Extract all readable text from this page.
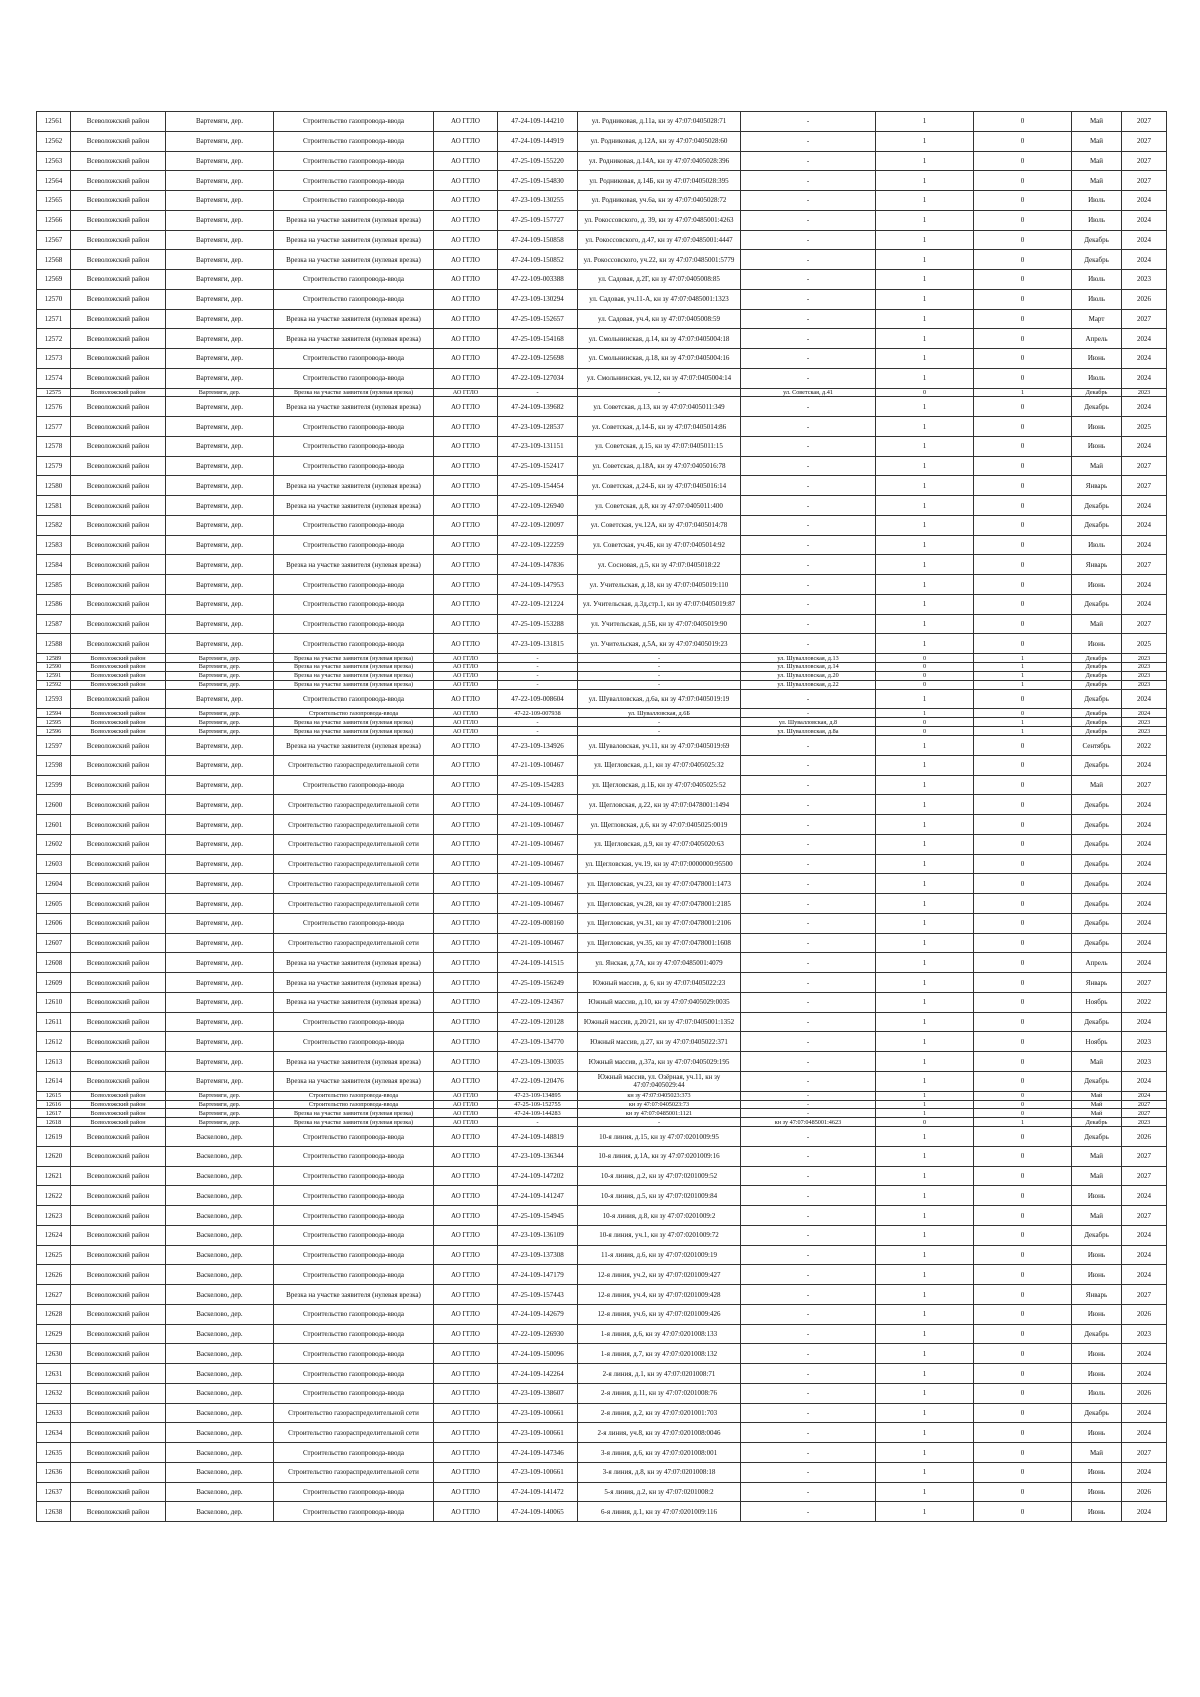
12561	Всеволожский район	Вартемяги, дер.	Строительство газопровода-ввода	АО ГГЛО	47-24-109-144210	ул. Родниковая, д.11а, кн зу 47:07:0405028:71	-	1	0	Май	2027
12562	Всеволожский район	Вартемяги, дер.	Строительство газопровода-ввода	АО ГГЛО	47-24-109-144919	ул. Родниковая, д.12А, кн зу 47:07:0405028:60	-	1	0	Май	2027
12563	Всеволожский район	Вартемяги, дер.	Строительство газопровода-ввода	АО ГГЛО	47-25-109-155220	ул. Родниковая, д.14А, кн зу 47:07:0405028:396	-	1	0	Май	2027
12564	Всеволожский район	Вартемяги, дер.	Строительство газопровода-ввода	АО ГГЛО	47-25-109-154830	ул. Родниковая, д.14Б, кн зу 47:07:0405028:395	-	1	0	Май	2027
12565	Всеволожский район	Вартемяги, дер.	Строительство газопровода-ввода	АО ГГЛО	47-23-109-130255	ул. Родниковая, уч.6а, кн зу 47:07:0405028:72	-	1	0	Июль	2024
12566	Всеволожский район	Вартемяги, дер.	Врезка на участке заявителя (нулевая врезка)	АО ГГЛО	47-25-109-157727	ул. Рокоссовского, д. 39, кн зу 47:07:0485001:4263	-	1	0	Июль	2024
12567	Всеволожский район	Вартемяги, дер.	Врезка на участке заявителя (нулевая врезка)	АО ГГЛО	47-24-109-150858	ул. Рокоссовского, д.47, кн зу 47:07:0485001:4447	-	1	0	Декабрь	2024
12568	Всеволожский район	Вартемяги, дер.	Врезка на участке заявителя (нулевая врезка)	АО ГГЛО	47-24-109-150852	ул. Рокоссовского, уч.22, кн зу 47:07:0485001:5779	-	1	0	Декабрь	2024
12569	Всеволожский район	Вартемяги, дер.	Строительство газопровода-ввода	АО ГГЛО	47-22-109-003388	ул. Садовая, д.2Г, кн зу 47:07:0405008:85	-	1	0	Июль	2023
12570	Всеволожский район	Вартемяги, дер.	Строительство газопровода-ввода	АО ГГЛО	47-23-109-130294	ул. Садовая, уч.11-А, кн зу 47:07:0485001:1323	-	1	0	Июль	2026
12571	Всеволожский район	Вартемяги, дер.	Врезка на участке заявителя (нулевая врезка)	АО ГГЛО	47-25-109-152657	ул. Садовая, уч.4, кн зу 47:07:0405008:59	-	1	0	Март	2027
12572	Всеволожский район	Вартемяги, дер.	Врезка на участке заявителя (нулевая врезка)	АО ГГЛО	47-25-109-154168	ул. Смольнинская, д.14, кн зу 47:07:0405004:18	-	1	0	Апрель	2024
12573	Всеволожский район	Вартемяги, дер.	Строительство газопровода-ввода	АО ГГЛО	47-22-109-125698	ул. Смольнинская, д.18, кн зу 47:07:0405004:16	-	1	0	Июнь	2024
12574	Всеволожский район	Вартемяги, дер.	Строительство газопровода-ввода	АО ГГЛО	47-22-109-127034	ул. Смольнинская, уч.12, кн зу 47:07:0405004:14	-	1	0	Июль	2024
12575	Всеволожский район	Вартемяги, дер.	Врезка на участке заявителя (нулевая врезка)	АО ГГЛО	-	-	ул. Советская, д.41	0	1	Декабрь	2023
12576	Всеволожский район	Вартемяги, дер.	Врезка на участке заявителя (нулевая врезка)	АО ГГЛО	47-24-109-139682	ул. Советская, д.13, кн зу 47:07:0405011:349	-	1	0	Декабрь	2024
12577	Всеволожский район	Вартемяги, дер.	Строительство газопровода-ввода	АО ГГЛО	47-23-109-128537	ул. Советская, д.14-Б, кн зу 47:07:0405014:86	-	1	0	Июнь	2025
12578	Всеволожский район	Вартемяги, дер.	Строительство газопровода-ввода	АО ГГЛО	47-23-109-131151	ул. Советская, д.15, кн зу 47:07:0405011:15	-	1	0	Июнь	2024
12579	Всеволожский район	Вартемяги, дер.	Строительство газопровода-ввода	АО ГГЛО	47-25-109-152417	ул. Советская, д.18А, кн зу 47:07:0405016:78	-	1	0	Май	2027
12580	Всеволожский район	Вартемяги, дер.	Врезка на участке заявителя (нулевая врезка)	АО ГГЛО	47-25-109-154454	ул. Советская, д.24-Б, кн зу 47:07:0405016:14	-	1	0	Январь	2027
12581	Всеволожский район	Вартемяги, дер.	Врезка на участке заявителя (нулевая врезка)	АО ГГЛО	47-22-109-126940	ул. Советская, д.8, кн зу 47:07:0405011:400	-	1	0	Декабрь	2024
12582	Всеволожский район	Вартемяги, дер.	Строительство газопровода-ввода	АО ГГЛО	47-22-109-120097	ул. Советская, уч.12А, кн зу 47:07:0405014:78	-	1	0	Декабрь	2024
12583	Всеволожский район	Вартемяги, дер.	Строительство газопровода-ввода	АО ГГЛО	47-22-109-122259	ул. Советская, уч.4Б, кн зу 47:07:0405014:92	-	1	0	Июль	2024
12584	Всеволожский район	Вартемяги, дер.	Врезка на участке заявителя (нулевая врезка)	АО ГГЛО	47-24-109-147836	ул. Сосновая, д.5, кн зу 47:07:0405018:22	-	1	0	Январь	2027
12585	Всеволожский район	Вартемяги, дер.	Строительство газопровода-ввода	АО ГГЛО	47-24-109-147953	ул. Учительская, д.18, кн зу 47:07:0405019:110	-	1	0	Июнь	2024
12586	Всеволожский район	Вартемяги, дер.	Строительство газопровода-ввода	АО ГГЛО	47-22-109-121224	ул. Учительская, д.3д,стр.1, кн зу 47:07:0405019:87	-	1	0	Декабрь	2024
12587	Всеволожский район	Вартемяги, дер.	Строительство газопровода-ввода	АО ГГЛО	47-25-109-153288	ул. Учительская, д.5Б, кн зу 47:07:0405019:90	-	1	0	Май	2027
12588	Всеволожский район	Вартемяги, дер.	Строительство газопровода-ввода	АО ГГЛО	47-23-109-131815	ул. Учительская, д.5А, кн зу 47:07:0405019:23	-	1	0	Июнь	2025
12589	Всеволожский район	Вартемяги, дер.	Врезка на участке заявителя (нулевая врезка)	АО ГГЛО	-	-	ул. Шувалловская, д.13	0	1	Декабрь	2023
12590	Всеволожский район	Вартемяги, дер.	Врезка на участке заявителя (нулевая врезка)	АО ГГЛО	-	-	ул. Шувалловская, д.14	0	1	Декабрь	2023
12591	Всеволожский район	Вартемяги, дер.	Врезка на участке заявителя (нулевая врезка)	АО ГГЛО	-	-	ул. Шувалловская, д.20	0	1	Декабрь	2023
12592	Всеволожский район	Вартемяги, дер.	Врезка на участке заявителя (нулевая врезка)	АО ГГЛО	-	-	ул. Шувалловская, д.22	0	1	Декабрь	2023
12593	Всеволожский район	Вартемяги, дер.	Строительство газопровода-ввода	АО ГГЛО	47-22-109-008604	ул. Шувалловская, д.6а, кн зу 47:07:0405019:19	-	1	0	Декабрь	2024
12594	Всеволожский район	Вартемяги, дер.	Строительство газопровода-ввода	АО ГГЛО	47-22-109-007938	ул. Шувалловская, д.6Б	-	1	0	Декабрь	2024
12595	Всеволожский район	Вартемяги, дер.	Врезка на участке заявителя (нулевая врезка)	АО ГГЛО	-	-	ул. Шувалловская, д.8	0	1	Декабрь	2023
12596	Всеволожский район	Вартемяги, дер.	Врезка на участке заявителя (нулевая врезка)	АО ГГЛО	-	-	ул. Шувалловская, д.8а	0	1	Декабрь	2023
12597	Всеволожский район	Вартемяги, дер.	Врезка на участке заявителя (нулевая врезка)	АО ГГЛО	47-23-109-134926	ул. Шуваловская, уч.11, кн зу 47:07:0405019:69	-	1	0	Сентябрь	2022
12598	Всеволожский район	Вартемяги, дер.	Строительство газораспределительной сети	АО ГГЛО	47-21-109-100467	ул. Щегловская, д.1, кн зу 47:07:0405025:32	-	1	0	Декабрь	2024
12599	Всеволожский район	Вартемяги, дер.	Строительство газопровода-ввода	АО ГГЛО	47-25-109-154283	ул. Щегловская, д.1Б, кн зу 47:07:0405025:52	-	1	0	Май	2027
12600	Всеволожский район	Вартемяги, дер.	Строительство газораспределительной сети	АО ГГЛО	47-24-109-100467	ул. Щегловская, д.22, кн зу 47:07:0478001:1494	-	1	0	Декабрь	2024
12601	Всеволожский район	Вартемяги, дер.	Строительство газораспределительной сети	АО ГГЛО	47-21-109-100467	ул. Щегловская, д.6, кн зу 47:07:0405025:0019	-	1	0	Декабрь	2024
12602	Всеволожский район	Вартемяги, дер.	Строительство газораспределительной сети	АО ГГЛО	47-21-109-100467	ул. Щегловская, д.9, кн зу 47:07:0405020:63	-	1	0	Декабрь	2024
12603	Всеволожский район	Вартемяги, дер.	Строительство газораспределительной сети	АО ГГЛО	47-21-109-100467	ул. Щегловская, уч.19, кн зу 47:07:0000000:95500	-	1	0	Декабрь	2024
12604	Всеволожский район	Вартемяги, дер.	Строительство газораспределительной сети	АО ГГЛО	47-21-109-100467	ул. Щегловская, уч.23, кн зу 47:07:0478001:1473	-	1	0	Декабрь	2024
12605	Всеволожский район	Вартемяги, дер.	Строительство газораспределительной сети	АО ГГЛО	47-21-109-100467	ул. Щегловская, уч.28, кн зу 47:07:0478001:2185	-	1	0	Декабрь	2024
12606	Всеволожский район	Вартемяги, дер.	Строительство газопровода-ввода	АО ГГЛО	47-22-109-008160	ул. Щегловская, уч.31, кн зу 47:07:0478001:2106	-	1	0	Декабрь	2024
12607	Всеволожский район	Вартемяги, дер.	Строительство газораспределительной сети	АО ГГЛО	47-21-109-100467	ул. Щегловская, уч.35, кн зу 47:07:0478001:1608	-	1	0	Декабрь	2024
12608	Всеволожский район	Вартемяги, дер.	Врезка на участке заявителя (нулевая врезка)	АО ГГЛО	47-24-109-141515	ул. Янская, д.7А, кн зу 47:07:0485001:4079	-	1	0	Апрель	2024
12609	Всеволожский район	Вартемяги, дер.	Врезка на участке заявителя (нулевая врезка)	АО ГГЛО	47-25-109-156249	Южный массив, д. 6, кн зу 47:07:0405022:23	-	1	0	Январь	2027
12610	Всеволожский район	Вартемяги, дер.	Врезка на участке заявителя (нулевая врезка)	АО ГГЛО	47-22-109-124367	Южный массив, д.10, кн зу 47:07:0405029:0035	-	1	0	Ноябрь	2022
12611	Всеволожский район	Вартемяги, дер.	Строительство газопровода-ввода	АО ГГЛО	47-22-109-120128	Южный массив, д.20/21, кн зу 47:07:0405001:1352	-	1	0	Декабрь	2024
12612	Всеволожский район	Вартемяги, дер.	Строительство газопровода-ввода	АО ГГЛО	47-23-109-134770	Южный массив, д.27, кн зу 47:07:0405022:371	-	1	0	Ноябрь	2023
12613	Всеволожский район	Вартемяги, дер.	Врезка на участке заявителя (нулевая врезка)	АО ГГЛО	47-23-109-130035	Южный массив, д.37а, кн зу 47:07:0405029:195	-	1	0	Май	2023
12614	Всеволожский район	Вартемяги, дер.	Врезка на участке заявителя (нулевая врезка)	АО ГГЛО	47-22-109-120476	Южный массив, ул. Озёрная, уч.11, кн зу 47:07:0405029:44	-	1	0	Декабрь	2024
12615	Всеволожский район	Вартемяги, дер.	Строительство газопровода-ввода	АО ГГЛО	47-23-109-134895	кн зу 47:07:0405023:373	-	1	0	Май	2024
12616	Всеволожский район	Вартемяги, дер.	Строительство газопровода-ввода	АО ГГЛО	47-25-109-152755	кн зу 47:07:0405023:73	-	1	0	Май	2027
12617	Всеволожский район	Вартемяги, дер.	Врезка на участке заявителя (нулевая врезка)	АО ГГЛО	47-24-109-144283	кн зу 47:07:0485001:1121	-	1	0	Май	2027
12618	Всеволожский район	Вартемяги, дер.	Врезка на участке заявителя (нулевая врезка)	АО ГГЛО	-	-	кн зу 47:07:0485001:4623	0	1	Декабрь	2023
12619	Всеволожский район	Васкелово, дер.	Строительство газопровода-ввода	АО ГГЛО	47-24-109-148819	10-я линия, д.15, кн зу 47:07:0201009:95	-	1	0	Декабрь	2026
12620	Всеволожский район	Васкелово, дер.	Строительство газопровода-ввода	АО ГГЛО	47-23-109-136344	10-я линия, д.1А, кн зу 47:07:0201009:16	-	1	0	Май	2027
12621	Всеволожский район	Васкелово, дер.	Строительство газопровода-ввода	АО ГГЛО	47-24-109-147202	10-я линия, д.2, кн зу 47:07:0201009:52	-	1	0	Май	2027
12622	Всеволожский район	Васкелово, дер.	Строительство газопровода-ввода	АО ГГЛО	47-24-109-141247	10-я линия, д.5, кн зу 47:07:0201009:84	-	1	0	Июнь	2024
12623	Всеволожский район	Васкелово, дер.	Строительство газопровода-ввода	АО ГГЛО	47-25-109-154945	10-я линия, д.8, кн зу 47:07:0201009:2	-	1	0	Май	2027
12624	Всеволожский район	Васкелово, дер.	Строительство газопровода-ввода	АО ГГЛО	47-23-109-136109	10-я линия, уч.1, кн зу 47:07:0201009:72	-	1	0	Декабрь	2024
12625	Всеволожский район	Васкелово, дер.	Строительство газопровода-ввода	АО ГГЛО	47-23-109-137308	11-я линия, д.6, кн зу 47:07:0201009:19	-	1	0	Июнь	2024
12626	Всеволожский район	Васкелово, дер.	Строительство газопровода-ввода	АО ГГЛО	47-24-109-147179	12-я линия, уч.2, кн зу 47:07:0201009:427	-	1	0	Июнь	2024
12627	Всеволожский район	Васкелово, дер.	Врезка на участке заявителя (нулевая врезка)	АО ГГЛО	47-25-109-157443	12-я линия, уч.4, кн зу 47:07:0201009:428	-	1	0	Январь	2027
12628	Всеволожский район	Васкелово, дер.	Строительство газопровода-ввода	АО ГГЛО	47-24-109-142679	12-я линия, уч.6, кн зу 47:07:0201009:426	-	1	0	Июнь	2026
12629	Всеволожский район	Васкелово, дер.	Строительство газопровода-ввода	АО ГГЛО	47-22-109-126930	1-я линия, д.6, кн зу 47:07:0201008:133	-	1	0	Декабрь	2023
12630	Всеволожский район	Васкелово, дер.	Строительство газопровода-ввода	АО ГГЛО	47-24-109-150096	1-я линия, д.7, кн зу 47:07:0201008:132	-	1	0	Июнь	2024
12631	Всеволожский район	Васкелово, дер.	Строительство газопровода-ввода	АО ГГЛО	47-24-109-142264	2-я линия, д.1, кн зу 47:07:0201008:71	-	1	0	Июнь	2024
12632	Всеволожский район	Васкелово, дер.	Строительство газопровода-ввода	АО ГГЛО	47-23-109-138607	2-я линия, д.11, кн зу 47:07:0201008:76	-	1	0	Июль	2026
12633	Всеволожский район	Васкелово, дер.	Строительство газораспределительной сети	АО ГГЛО	47-23-109-100661	2-я линия, д.2, кн зу 47:07:0201001:703	-	1	0	Декабрь	2024
12634	Всеволожский район	Васкелово, дер.	Строительство газораспределительной сети	АО ГГЛО	47-23-109-100661	2-я линия, уч.8, кн зу 47:07:0201008:0046	-	1	0	Июнь	2024
12635	Всеволожский район	Васкелово, дер.	Строительство газопровода-ввода	АО ГГЛО	47-24-109-147346	3-я линия, д.6, кн зу 47:07:0201008:001	-	1	0	Май	2027
12636	Всеволожский район	Васкелово, дер.	Строительство газораспределительной сети	АО ГГЛО	47-23-109-100661	3-я линия, д.8, кн зу 47:07:0201008:18	-	1	0	Июнь	2024
12637	Всеволожский район	Васкелово, дер.	Строительство газопровода-ввода	АО ГГЛО	47-24-109-141472	5-я линия, д.2, кн зу 47:07:0201008:2	-	1	0	Июнь	2026
12638	Всеволожский район	Васкелово, дер.	Строительство газопровода-ввода	АО ГГЛО	47-24-109-140065	6-я линия, д.1, кн зу 47:07:0201009:116	-	1	0	Июнь	2024
